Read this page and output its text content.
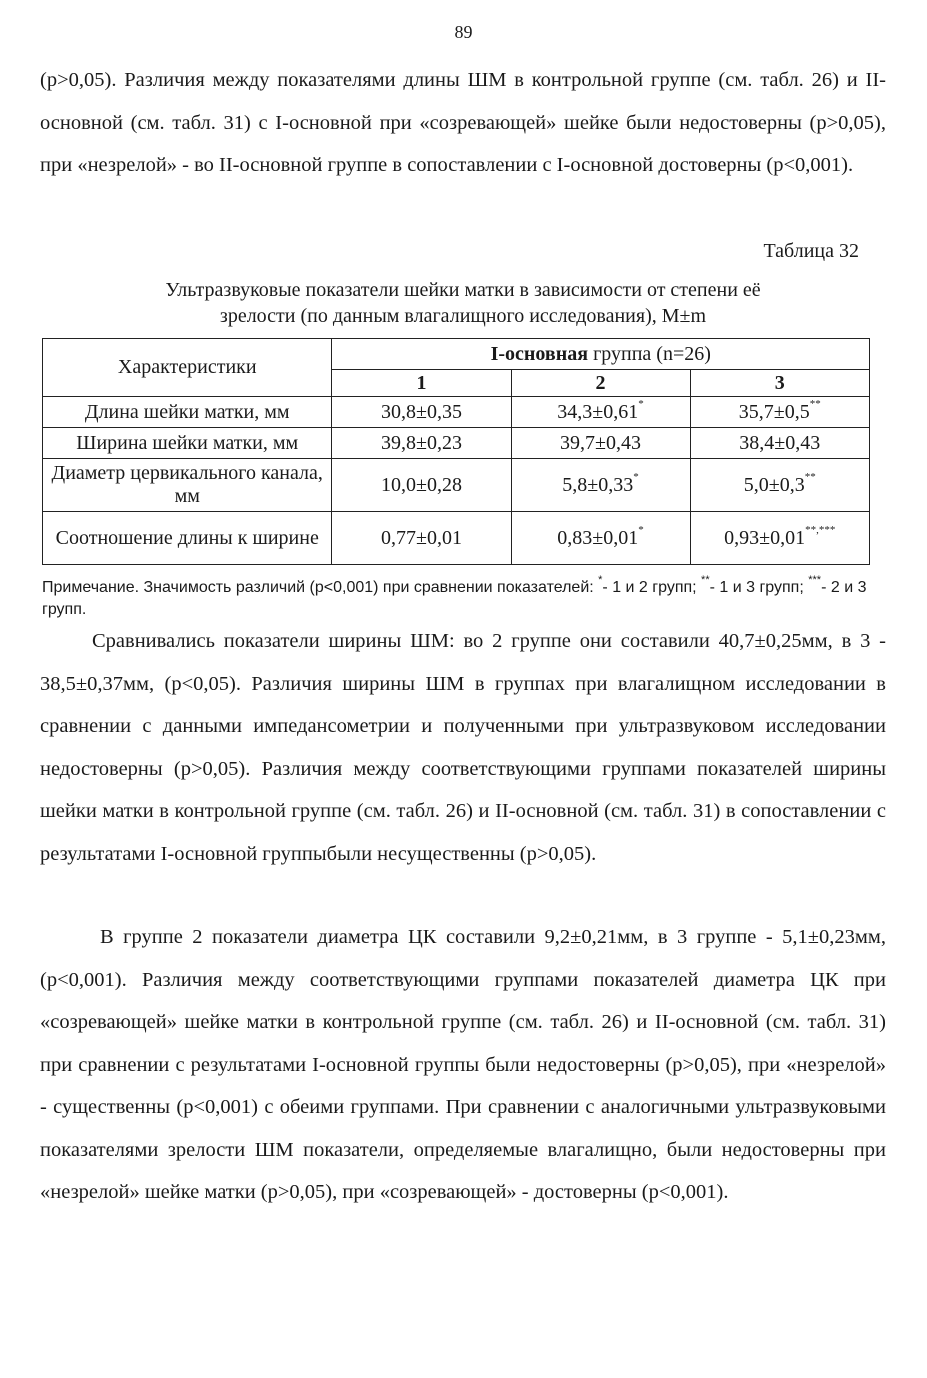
89

(p>0,05). Различия между показателями длины ШМ в контрольной группе (см. табл. 26) и II-основной (см. табл. 31) с I-основной при «созревающей» шейке были недостоверны (p>0,05), при «незрелой» - во II-основной группе в сопоставлении с I-основной достоверны (p<0,001).

Таблица 32
Ультразвуковые показатели шейки матки в зависимости от степени её
зрелости (по данным влагалищного исследования), M±m
Характеристики	I-основная группа (n=26)		
	1	2	3
Длина шейки матки, мм	30,8±0,35	34,3±0,61*	35,7±0,5**
Ширина шейки матки, мм	39,8±0,23	39,7±0,43	38,4±0,43
Диаметр цервикального канала, мм	10,0±0,28	5,8±0,33*	5,0±0,3**
Соотношение длины к ширине	0,77±0,01	0,83±0,01*	0,93±0,01**,***
Примечание. Значимость различий (p<0,001) при сравнении показателей: *- 1 и 2 групп; **- 1 и 3 групп; ***- 2 и 3 групп.

Сравнивались показатели ширины ШМ: во 2 группе они составили 40,7±0,25мм, в 3 - 38,5±0,37мм, (p<0,05). Различия ширины ШМ в группах при влагалищном исследовании в сравнении с данными импедансометрии и полученными при ультразвуковом исследовании недостоверны (p>0,05). Различия между соответствующими группами показателей ширины шейки матки в контрольной группе (см. табл. 26) и II-основной (см. табл. 31) в сопоставлении с результатами I-основной группыбыли несущественны (p>0,05).

В группе 2 показатели диаметра ЦК составили 9,2±0,21мм, в 3 группе - 5,1±0,23мм, (p<0,001). Различия между соответствующими группами показателей диаметра ЦК при «созревающей» шейке матки в контрольной группе (см. табл. 26) и II-основной (см. табл. 31) при сравнении с результатами I-основной группы были недостоверны (p>0,05), при «незрелой» - существенны (p<0,001) с обеими группами. При сравнении с аналогичными ультразвуковыми показателями зрелости ШМ показатели, определяемые влагалищно, были недостоверны при «незрелой» шейке матки (p>0,05), при «созревающей» - достоверны (p<0,001).
